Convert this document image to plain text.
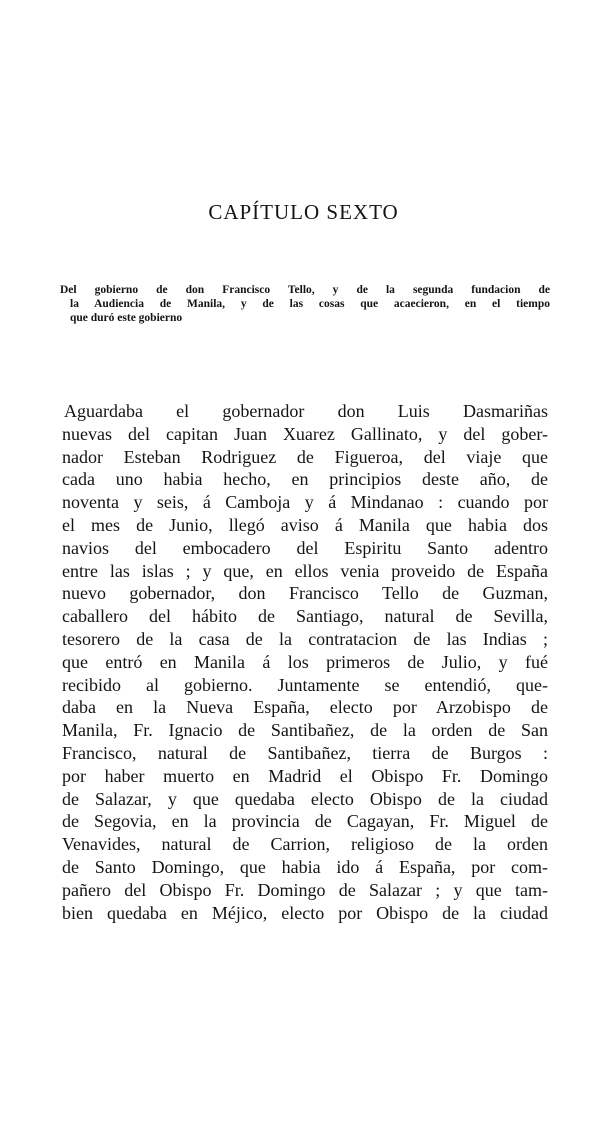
CAPÍTULO SEXTO
Del gobierno de don Francisco Tello, y de la segunda fundacion de
la Audiencia de Manila, y de las cosas que acaecieron, en el tiempo
que duró este gobierno
Aguardaba el gobernador don Luis Dasmariñas
nuevas del capitan Juan Xuarez Gallinato, y del gober-
nador Esteban Rodriguez de Figueroa, del viaje que
cada uno habia hecho, en principios deste año, de
noventa y seis, á Camboja y á Mindanao : cuando por
el mes de Junio, llegó aviso á Manila que habia dos
navios del embocadero del Espiritu Santo adentro
entre las islas ; y que, en ellos venia proveido de España
nuevo gobernador, don Francisco Tello de Guzman,
caballero del hábito de Santiago, natural de Sevilla,
tesorero de la casa de la contratacion de las Indias ;
que entró en Manila á los primeros de Julio, y fué
recibido al gobierno. Juntamente se entendió, que-
daba en la Nueva España, electo por Arzobispo de
Manila, Fr. Ignacio de Santibañez, de la orden de San
Francisco, natural de Santibañez, tierra de Burgos :
por haber muerto en Madrid el Obispo Fr. Domingo
de Salazar, y que quedaba electo Obispo de la ciudad
de Segovia, en la provincia de Cagayan, Fr. Miguel de
Venavides, natural de Carrion, religioso de la orden
de Santo Domingo, que habia ido á España, por com-
pañero del Obispo Fr. Domingo de Salazar ; y que tam-
bien quedaba en Méjico, electo por Obispo de la ciudad
